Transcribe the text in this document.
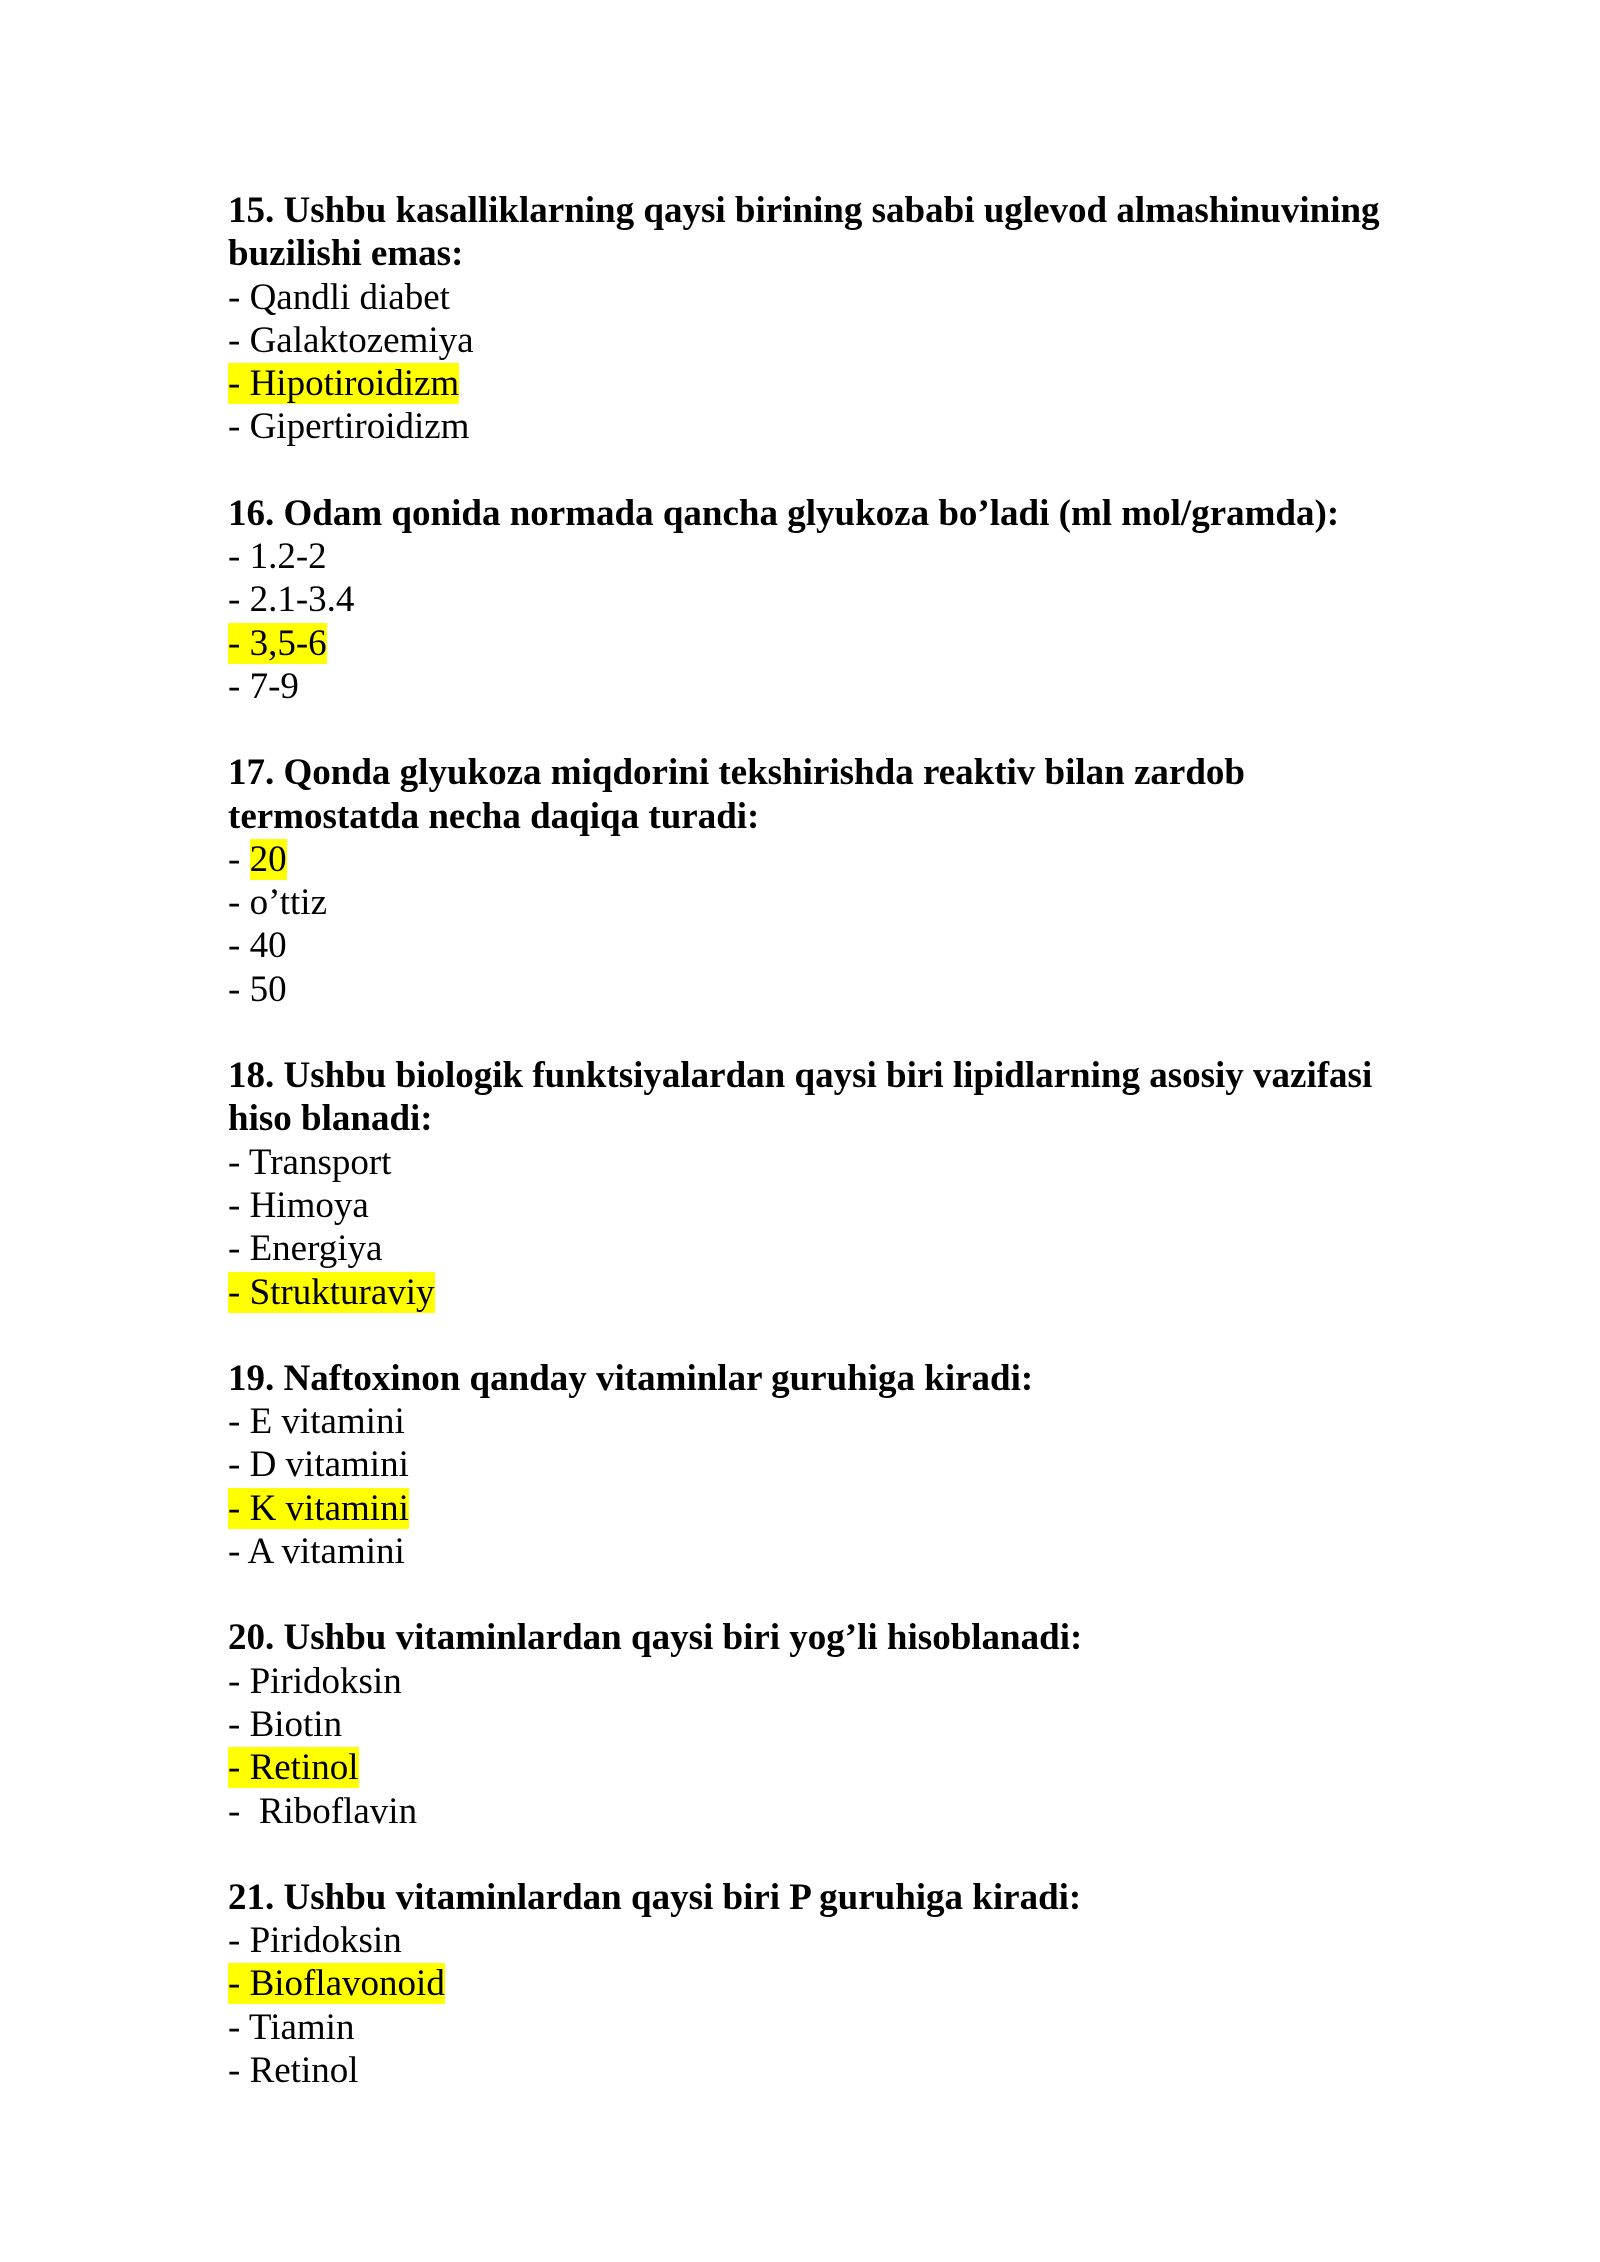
15. Ushbu kasalliklarning qaysi birining sababi uglevod almashinuvining buzilishi emas:

- Qandli diabet

- Galaktozemiya

- Hipotiroidizm

- Gipertiroidizm

16. Odam qonida normada qancha glyukoza bo’ladi (ml mol/gramda):

- 1.2-2

- 2.1-3.4

- 3,5-6

- 7-9

17. Qonda glyukoza miqdorini tekshirishda reaktiv bilan zardob termostatda necha daqiqa turadi:

- 20

- o’ttiz

- 40

- 50

18. Ushbu biologik funktsiyalardan qaysi biri lipidlarning asosiy vazifasi hiso blanadi:

- Transport

- Himoya

- Energiya

- Strukturaviy

19. Naftoxinon qanday vitaminlar guruhiga kiradi:

- E vitamini

- D vitamini

- K vitamini

- A vitamini

20. Ushbu vitaminlardan qaysi biri yog’li hisoblanadi:

- Piridoksin

- Biotin

- Retinol

-  Riboflavin

21. Ushbu vitaminlardan qaysi biri P guruhiga kiradi:

- Piridoksin

- Bioflavonoid

- Tiamin

- Retinol
